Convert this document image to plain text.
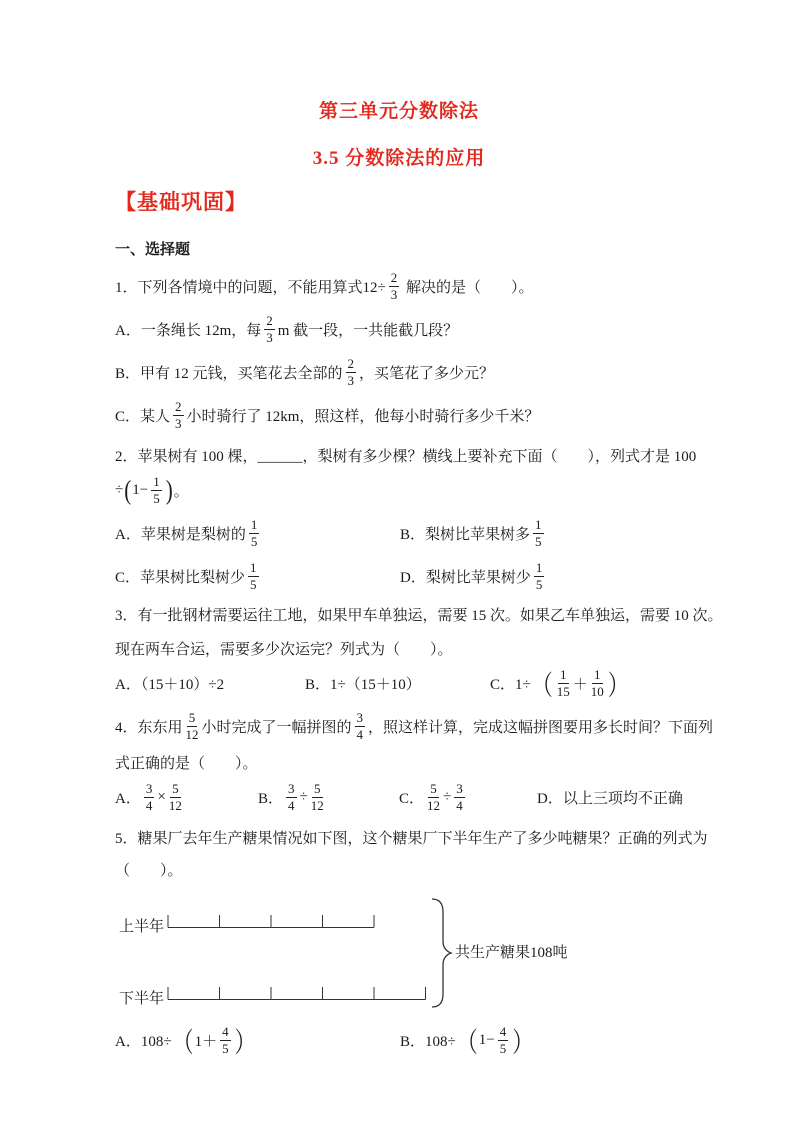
第三单元分数除法
3.5 分数除法的应用
【基础巩固】
一、选择题
1．下列各情境中的问题，不能用算式$12\div \frac{2}{3}$ 解决的是（　　）。
A．一条绳长 12m，每 $\frac{2}{3}$ m 截一段，一共能截几段？
B．甲有 12 元钱，买笔花去全部的 $\frac{2}{3}$ ，买笔花了多少元？
C．某人 $\frac{2}{3}$ 小时骑行了 12km，照这样，他每小时骑行多少千米？
2．苹果树有 100 棵，______，梨树有多少棵？横线上要补充下面（　　），列式才是 100
÷ ( $1- \frac{1}{5}$ ) 。
A．苹果树是梨树的 $\frac{1}{5}$	B．梨树比苹果树多 $\frac{1}{5}$
C．苹果树比梨树少 $\frac{1}{5}$	D．梨树比苹果树少 $\frac{1}{5}$
3．有一批钢材需要运往工地，如果甲车单独运，需要 15 次。如果乙车单独运，需要 10 次。
现在两车合运，需要多少次运完？列式为（　　）。
A．（15＋10）÷2	B．1÷（15＋10）	C．1÷ （ $\frac{1}{15} + \frac{1}{10}$ ）
4．东东用 $\frac{5}{12}$ 小时完成了一幅拼图的 $\frac{3}{4}$ ，照这样计算，完成这幅拼图要用多长时间？下面列
式正确的是（　　）。
A． $\frac{3}{4} \times \frac{5}{12}$	B． $\frac{3}{4} \div \frac{5}{12}$	C． $\frac{5}{12} \div \frac{3}{4}$	D．以上三项均不正确
5．糖果厂去年生产糖果情况如下图，这个糖果厂下半年生产了多少吨糖果？正确的列式为
（　　）。
上半年
下半年
共生产糖果108吨
A．108÷ （ $1+ \frac{4}{5}$ ）	B．108÷ （ $1- \frac{4}{5}$ ）
